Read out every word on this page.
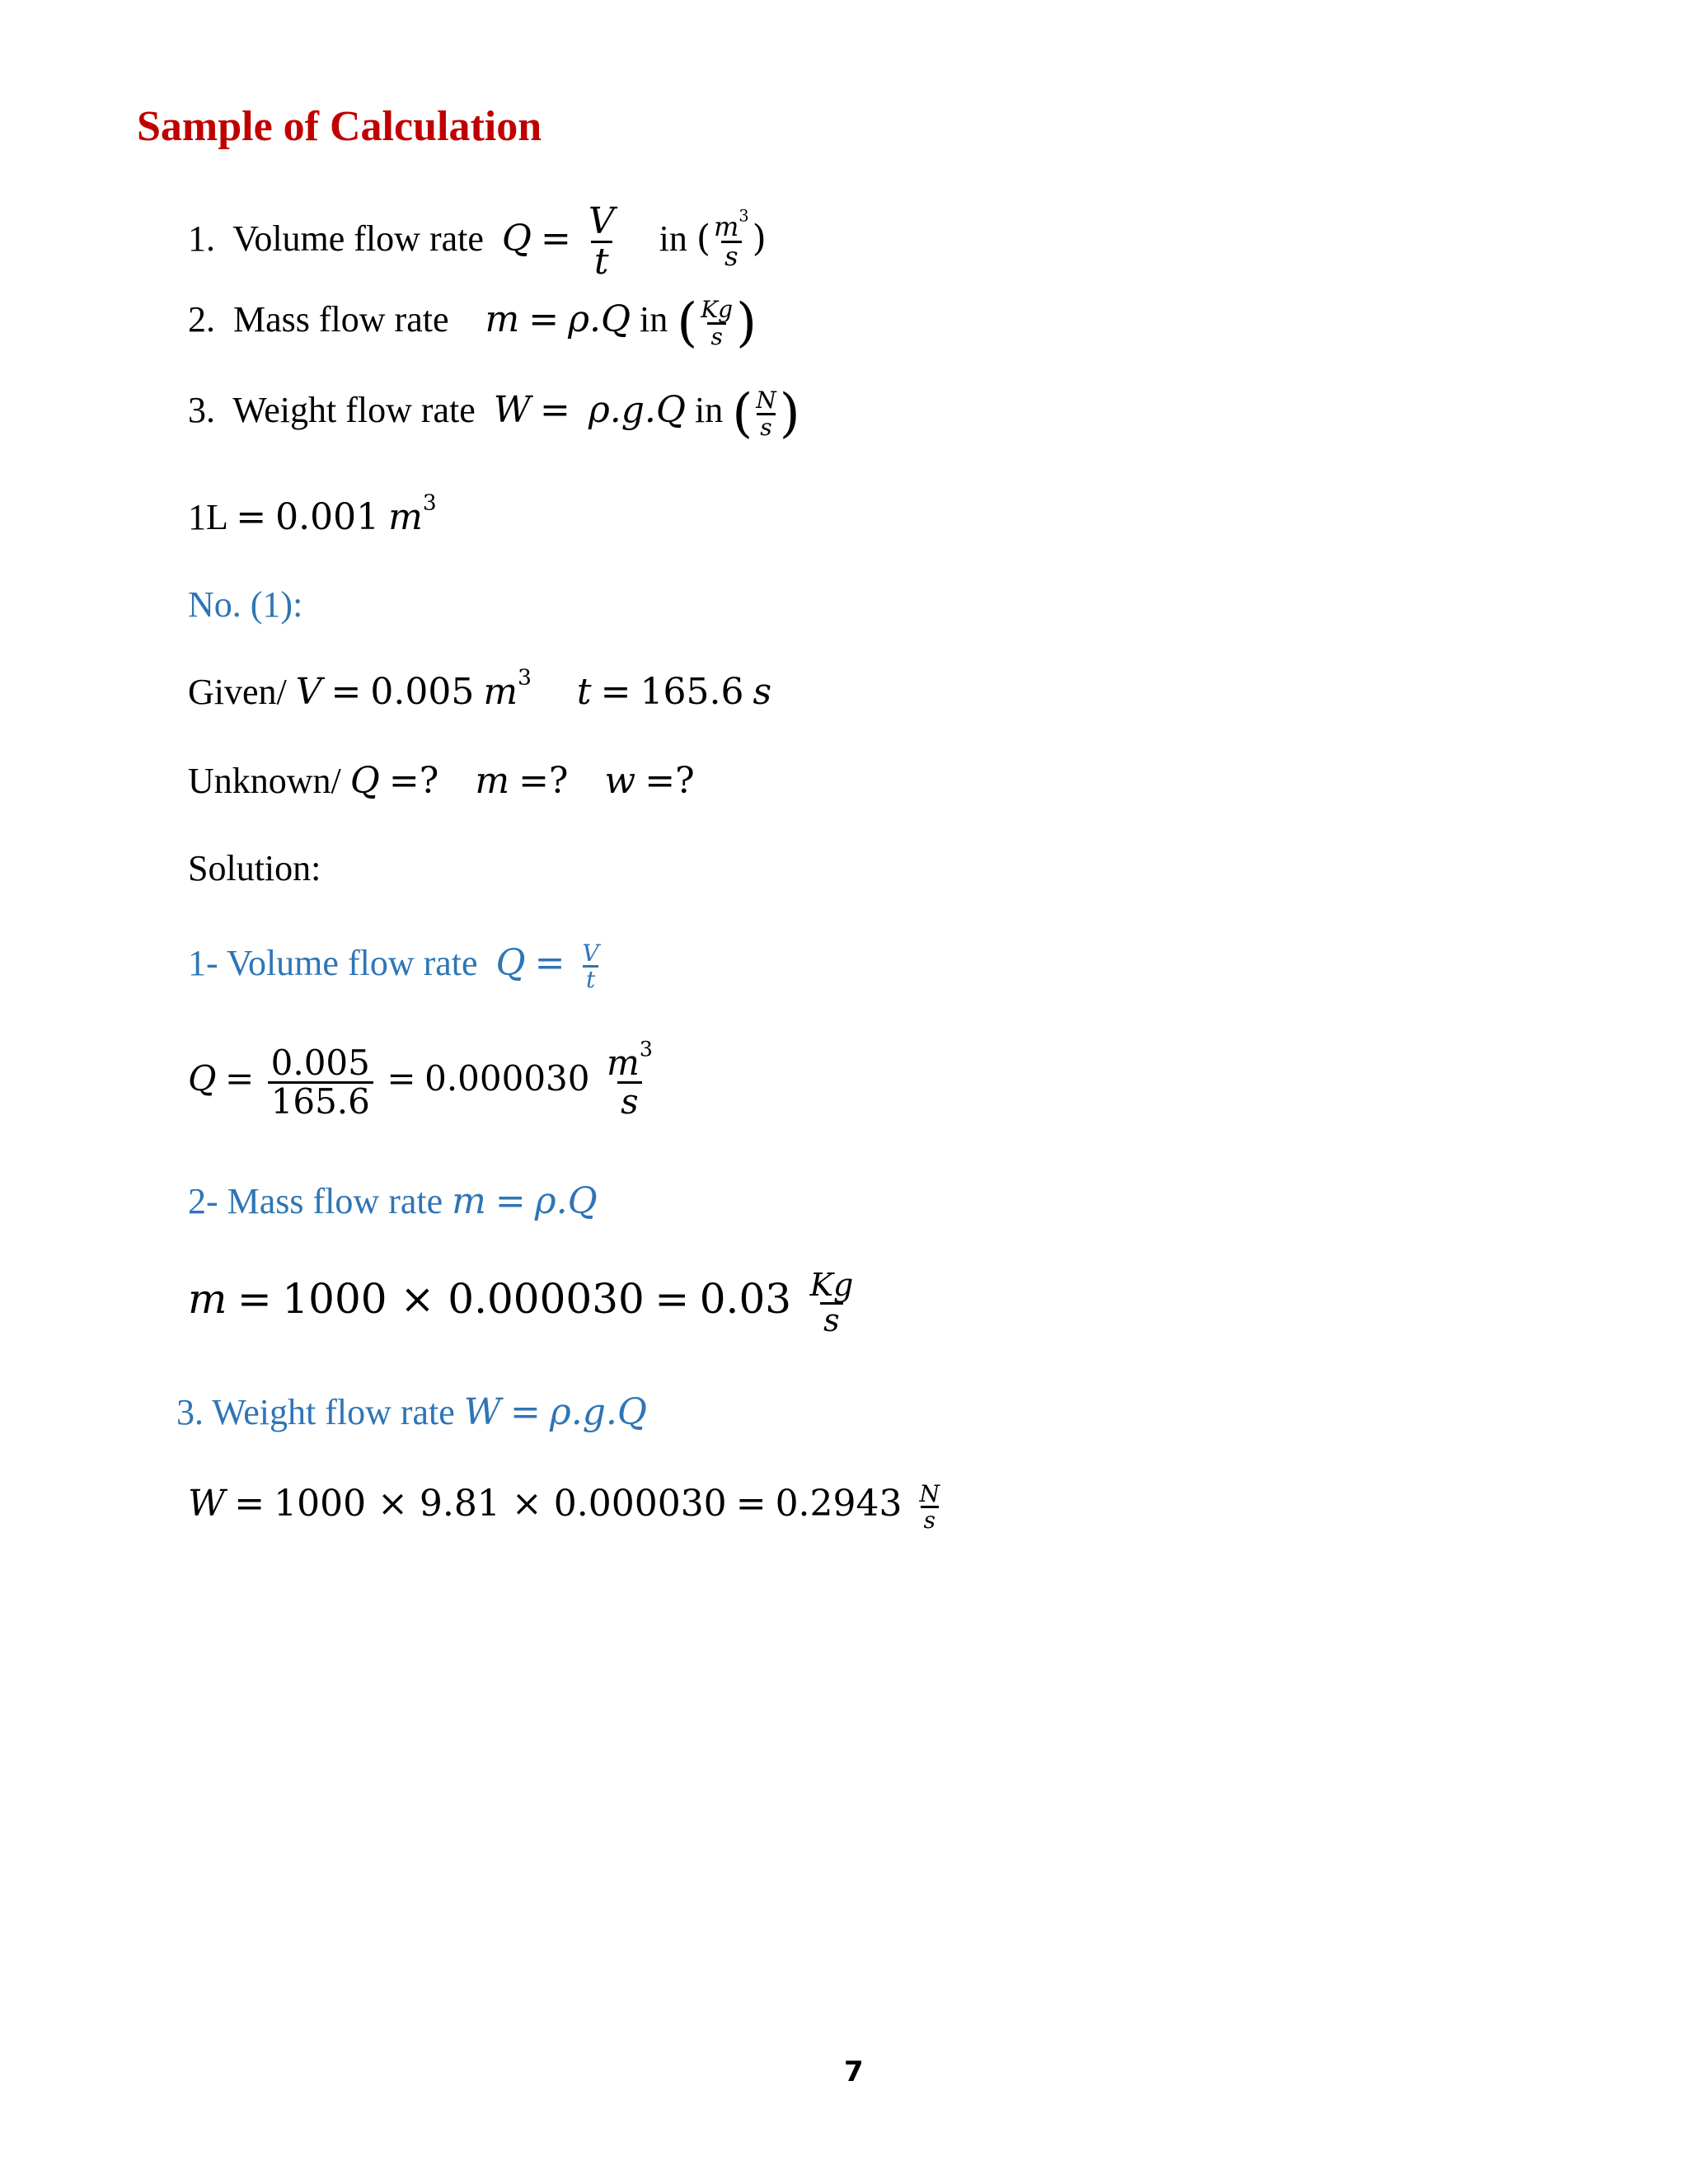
Sample of Calculation
1. Volume flow rate $Q = \frac{V}{t}$ in ( $\frac{m^3}{s}$ )
2. Mass flow rate m = ρ.Q in ( $\frac{Kg}{s}$ )
3. Weight flow rate W = ρ.g.Q in ( $\frac{N}{s}$ )
1L = 0.001 $m^3$
No. (1):
Given/ V = 0.005 $m^3$ t = 165.6 s
Unknown/ Q =? m =? w =?
Solution:
1- Volume flow rate $Q = \frac{V}{t}$
$Q = \frac{0.005}{165.6} = 0.000030 \frac{m^3}{s}$
2- Mass flow rate m = ρ.Q
$m = 1000 \times 0.000030 = 0.03 \frac{Kg}{s}$
3. Weight flow rate W = ρ.g.Q
$W = 1000 \times 9.81 \times 0.000030 = 0.2943 \frac{N}{s}$
7
